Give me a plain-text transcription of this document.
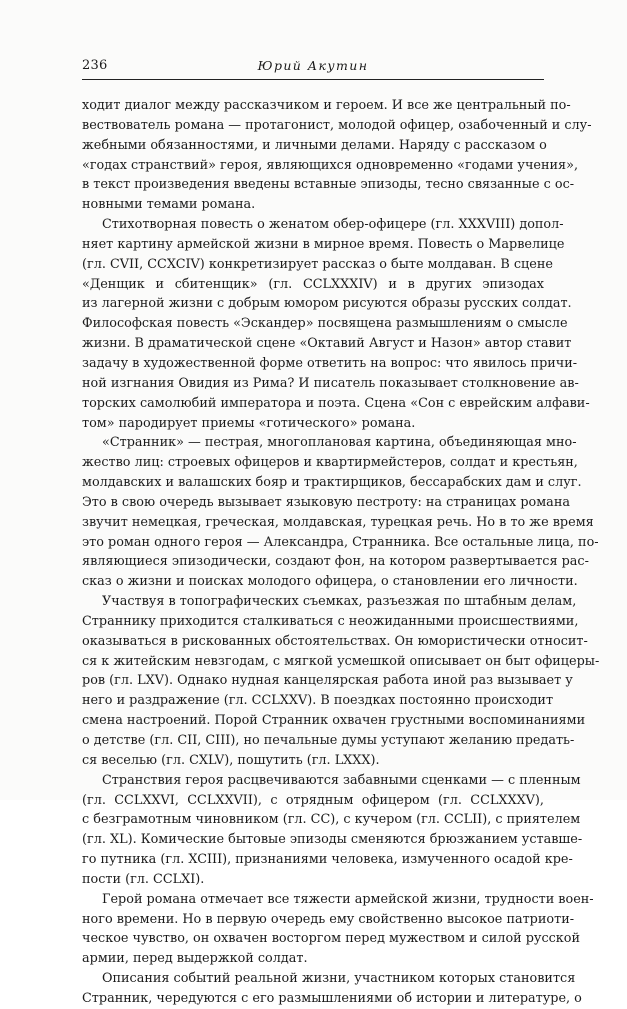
236	Юрий Акутин
ходит диалог между рассказчиком и героем. И все же центральный по-
вествователь романа — протагонист, молодой офицер, озабоченный и слу-
жебными обязанностями, и личными делами. Наряду с рассказом о
«годах странствий» героя, являющихся одновременно «годами учения»,
в текст произведения введены вставные эпизоды, тесно связанные с ос-
новными темами романа.
Стихотворная повесть о женатом обер-офицере (гл. XXXVIII) допол-
няет картину армейской жизни в мирное время. Повесть о Марвелице
(гл. CVII, CCXCIV) конкретизирует рассказ о быте молдаван. В сцене
«Денщик и сбитенщик» (гл. CCLXXXIV) и в других эпизодах
из лагерной жизни с добрым юмором рисуются образы русских солдат.
Философская повесть «Эскандер» посвящена размышлениям о смысле
жизни. В драматической сцене «Октавий Август и Назон» автор ставит
задачу в художественной форме ответить на вопрос: что явилось причи-
ной изгнания Овидия из Рима? И писатель показывает столкновение ав-
торских самолюбий императора и поэта. Сцена «Сон с еврейским алфави-
том» пародирует приемы «готического» романа.
«Странник» — пестрая, многоплановая картина, объединяющая мно-
жество лиц: строевых офицеров и квартирмейстеров, солдат и крестьян,
молдавских и валашских бояр и трактирщиков, бессарабских дам и слуг.
Это в свою очередь вызывает языковую пестроту: на страницах романа
звучит немецкая, греческая, молдавская, турецкая речь. Но в то же время
это роман одного героя — Александра, Странника. Все остальные лица, по-
являющиеся эпизодически, создают фон, на котором развертывается рас-
сказ о жизни и поисках молодого офицера, о становлении его личности.
Участвуя в топографических съемках, разъезжая по штабным делам,
Страннику приходится сталкиваться с неожиданными происшествиями,
оказываться в рискованных обстоятельствах. Он юмористически относит-
ся к житейским невзгодам, с мягкой усмешкой описывает он быт офицеры-
ров (гл. LXV). Однако нудная канцелярская работа иной раз вызывает у
него и раздражение (гл. CCLXXV). В поездках постоянно происходит
смена настроений. Порой Странник охвачен грустными воспоминаниями
о детстве (гл. CII, CIII), но печальные думы уступают желанию предать-
ся веселью (гл. CXLV), пошутить (гл. LXXX).
Странствия героя расцвечиваются забавными сценками — с пленным
(гл. CCLXXVI, CCLXXVII), с отрядным офицером (гл. CCLXXXV),
с безграмотным чиновником (гл. CC), с кучером (гл. CCLII), с приятелем
(гл. XL). Комические бытовые эпизоды сменяются брюзжанием уставше-
го путника (гл. XCIII), признаниями человека, измученного осадой кре-
пости (гл. CCLXI).
Герой романа отмечает все тяжести армейской жизни, трудности воен-
ного времени. Но в первую очередь ему свойственно высокое патриоти-
ческое чувство, он охвачен восторгом перед мужеством и силой русской
армии, перед выдержкой солдат.
Описания событий реальной жизни, участником которых становится
Странник, чередуются с его размышлениями об истории и литературе, о
